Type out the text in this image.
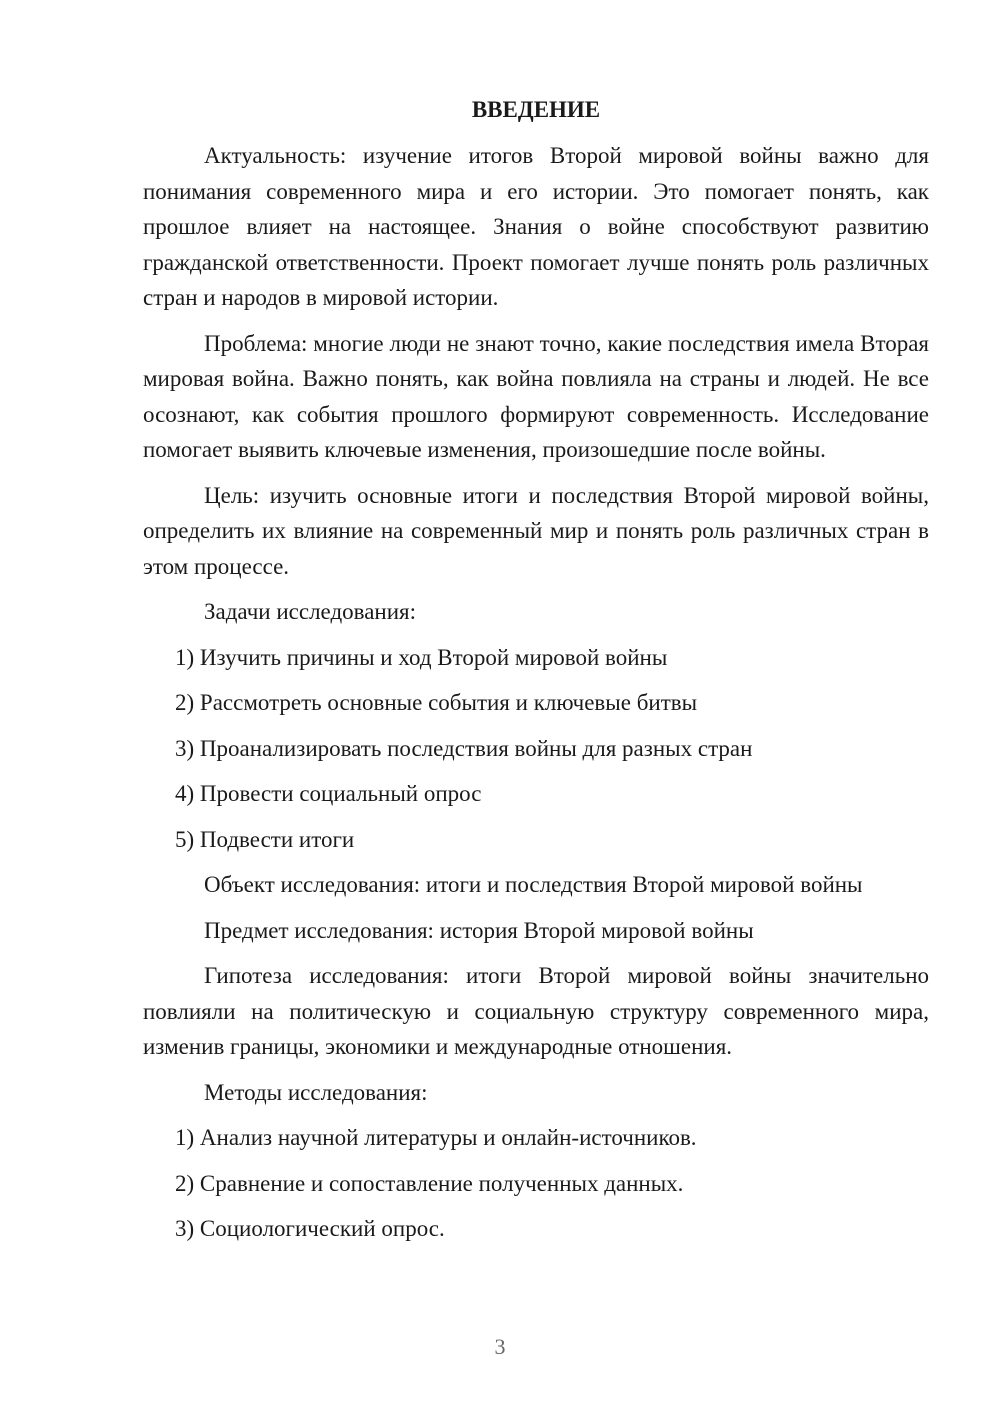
ВВЕДЕНИЕ

Актуальность: изучение итогов Второй мировой войны важно для понимания современного мира и его истории. Это помогает понять, как прошлое влияет на настоящее. Знания о войне способствуют развитию гражданской ответственности. Проект помогает лучше понять роль различных стран и народов в мировой истории.

Проблема: многие люди не знают точно, какие последствия имела Вторая мировая война. Важно понять, как война повлияла на страны и людей. Не все осознают, как события прошлого формируют современность. Исследование помогает выявить ключевые изменения, произошедшие после войны.

Цель: изучить основные итоги и последствия Второй мировой войны, определить их влияние на современный мир и понять роль различных стран в этом процессе.

Задачи исследования:

1) Изучить причины и ход Второй мировой войны

2) Рассмотреть основные события и ключевые битвы

3) Проанализировать последствия войны для разных стран

4) Провести социальный опрос

5) Подвести итоги

Объект исследования: итоги и последствия Второй мировой войны

Предмет исследования: история Второй мировой войны

Гипотеза исследования: итоги Второй мировой войны значительно повлияли на политическую и социальную структуру современного мира, изменив границы, экономики и международные отношения.

Методы исследования:

1) Анализ научной литературы и онлайн-источников.

2) Сравнение и сопоставление полученных данных.

3) Социологический опрос.

3
